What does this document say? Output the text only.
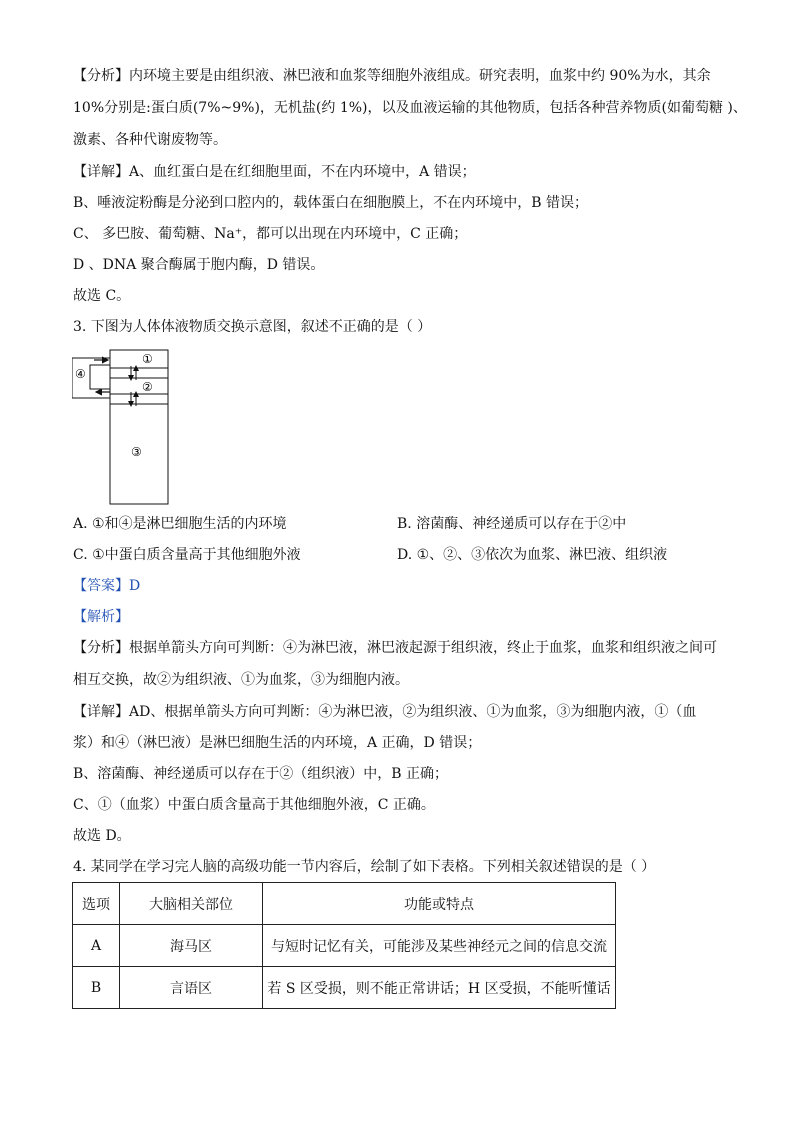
【分析】内环境主要是由组织液、淋巴液和血浆等细胞外液组成。研究表明，血浆中约 90%为水，其余
10%分别是:蛋白质(7%~9%)，无机盐(约 1%)，以及血液运输的其他物质，包括各种营养物质(如葡萄糖 )、
激素、各种代谢废物等。
【详解】A、血红蛋白是在红细胞里面，不在内环境中，A 错误；
B、唾液淀粉酶是分泌到口腔内的，载体蛋白在细胞膜上，不在内环境中，B 错误；
C、 多巴胺、葡萄糖、Na⁺，都可以出现在内环境中，C 正确；
D 、DNA 聚合酶属于胞内酶，D 错误。
故选 C。
3. 下图为人体体液物质交换示意图，叙述不正确的是（ ）
①
②
③
④
A. ①和④是淋巴细胞生活的内环境	B. 溶菌酶、神经递质可以存在于②中
C. ①中蛋白质含量高于其他细胞外液	D. ①、②、③依次为血浆、淋巴液、组织液
【答案】D
【解析】
【分析】根据单箭头方向可判断：④为淋巴液，淋巴液起源于组织液，终止于血浆，血浆和组织液之间可
相互交换，故②为组织液、①为血浆，③为细胞内液。
【详解】AD、根据单箭头方向可判断：④为淋巴液，②为组织液、①为血浆，③为细胞内液，①（血
浆）和④（淋巴液）是淋巴细胞生活的内环境，A 正确，D 错误；
B、溶菌酶、神经递质可以存在于②（组织液）中，B 正确；
C、①（血浆）中蛋白质含量高于其他细胞外液，C 正确。
故选 D。
4. 某同学在学习完人脑的高级功能一节内容后，绘制了如下表格。下列相关叙述错误的是（ ）
选项	大脑相关部位	功能或特点
A	海马区	与短时记忆有关，可能涉及某些神经元之间的信息交流
B	言语区	若 S 区受损，则不能正常讲话；H 区受损，不能听懂话
